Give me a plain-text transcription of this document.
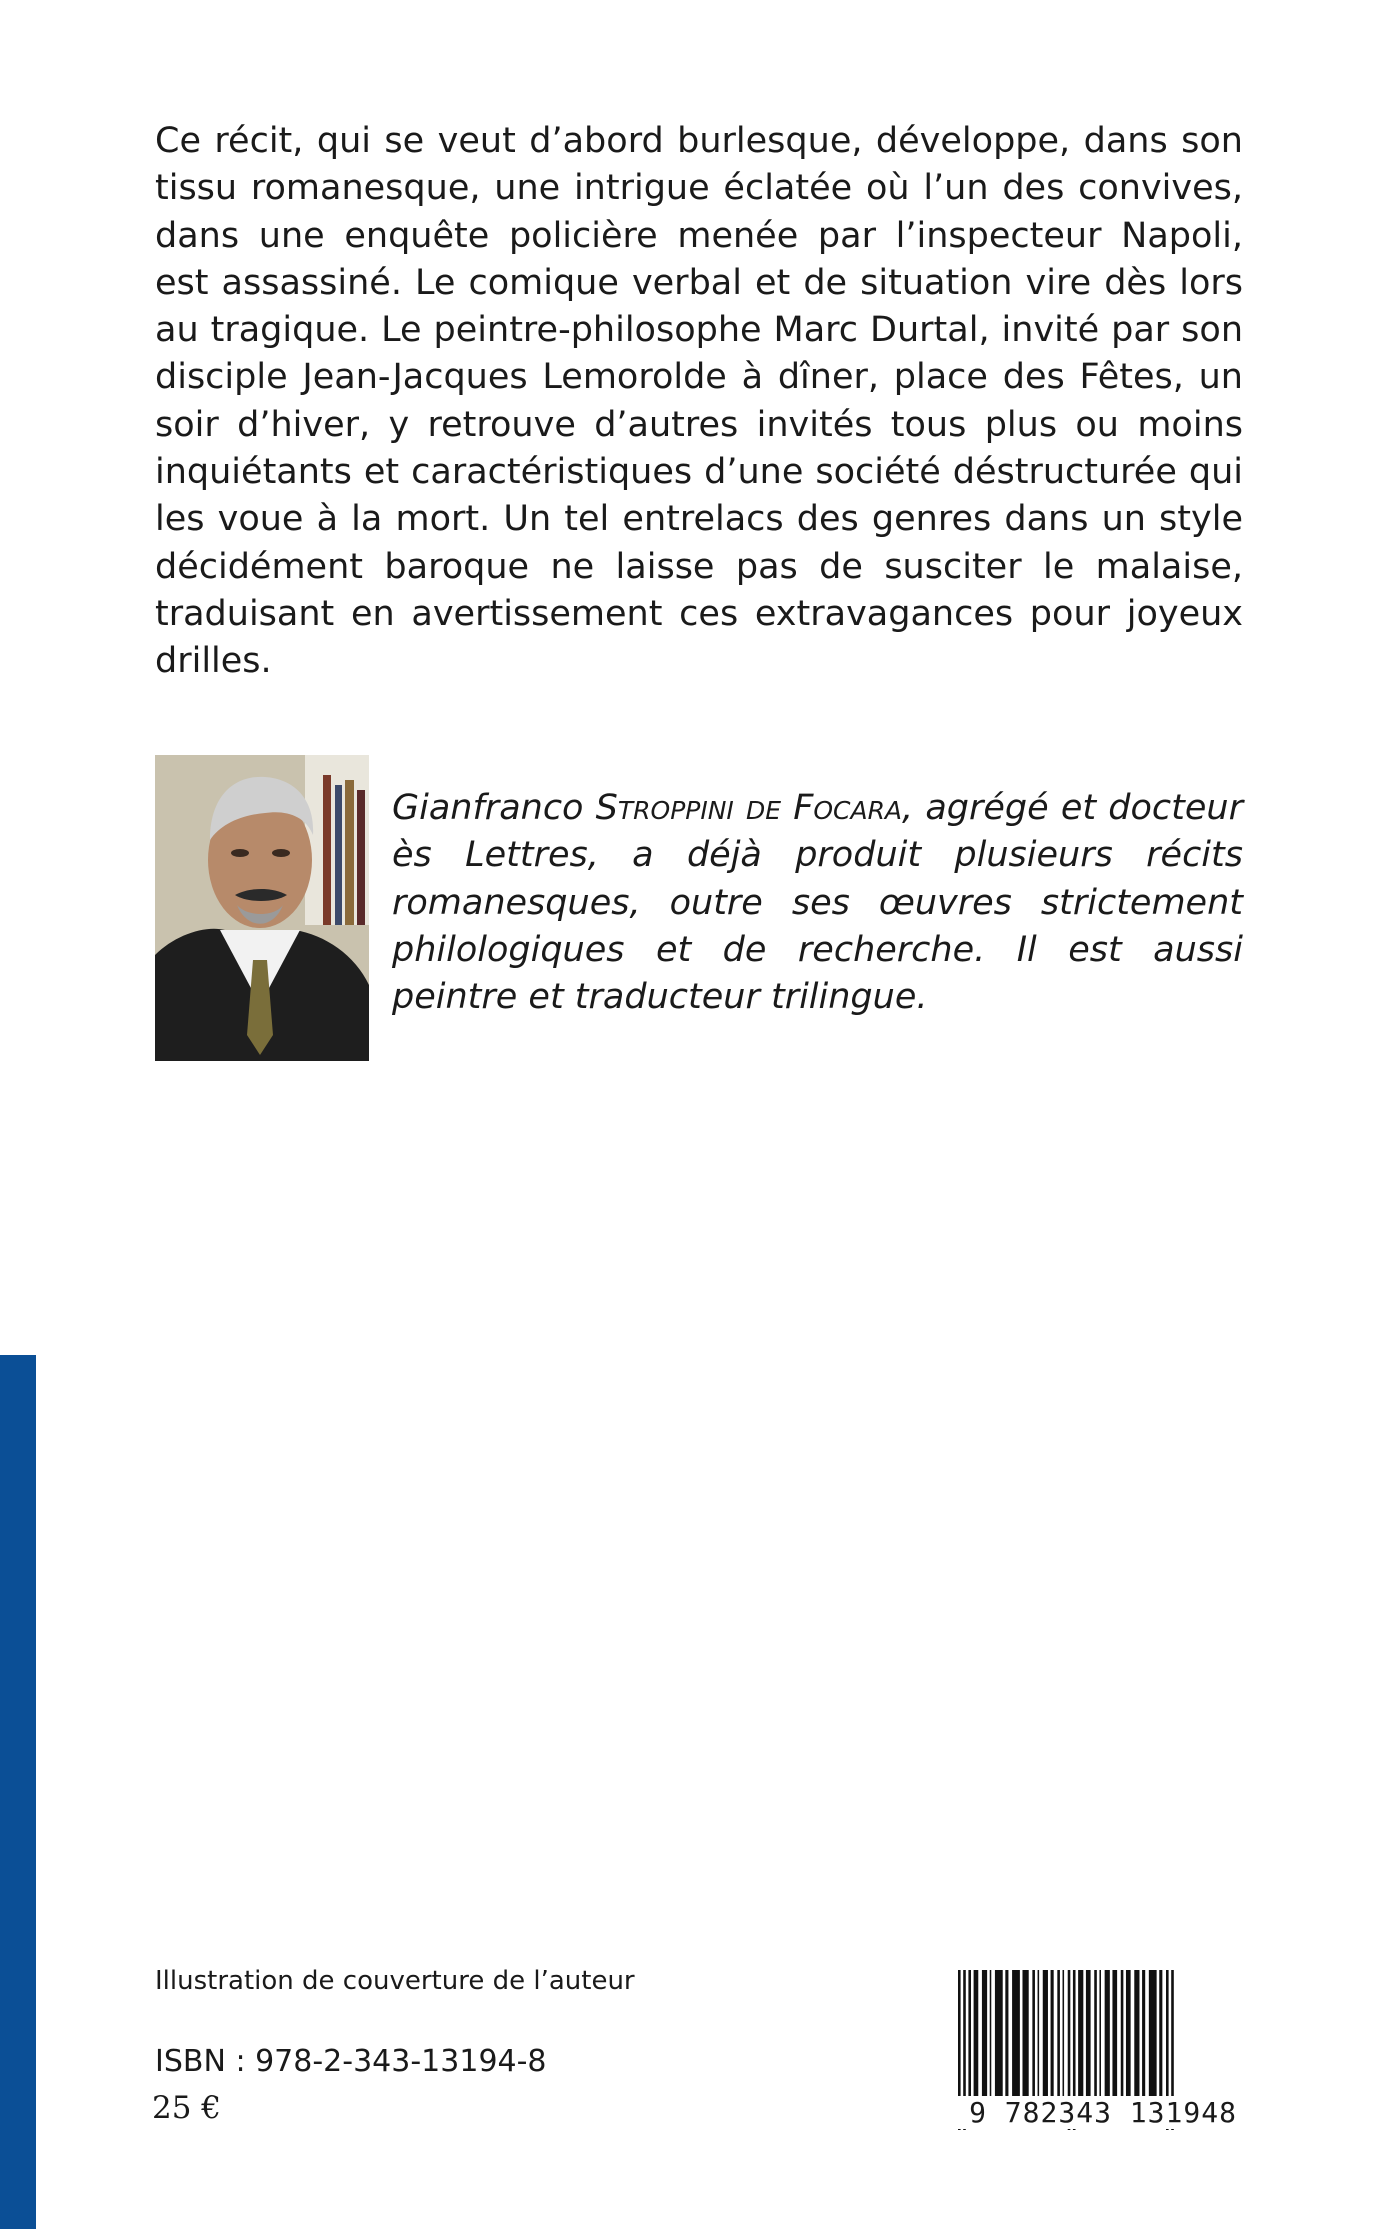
Ce récit, qui se veut d’abord burlesque, développe, dans son tissu romanesque, une intrigue éclatée où l’un des convives, dans une enquête policière menée par l’inspecteur Napoli, est assassiné. Le comique verbal et de situation vire dès lors au tragique. Le peintre-philosophe Marc Durtal, invité par son disciple Jean-Jacques Lemorolde à dîner, place des Fêtes, un soir d’hiver, y retrouve d’autres invités tous plus ou moins inquiétants et caractéristiques d’une société déstructurée qui les voue à la mort. Un tel entrelacs des genres dans un style décidément baroque ne laisse pas de susciter le malaise, traduisant en avertissement ces extravagances pour joyeux drilles.

Gianfranco Stroppini de Focara, agrégé et docteur ès Lettres, a déjà produit plusieurs récits romanesques, outre ses œuvres strictement philologiques et de recherche. Il est aussi peintre et traducteur trilingue.

Illustration de couverture de l’auteur

ISBN : 978-2-343-13194-8

25 €	9 782343 131948
